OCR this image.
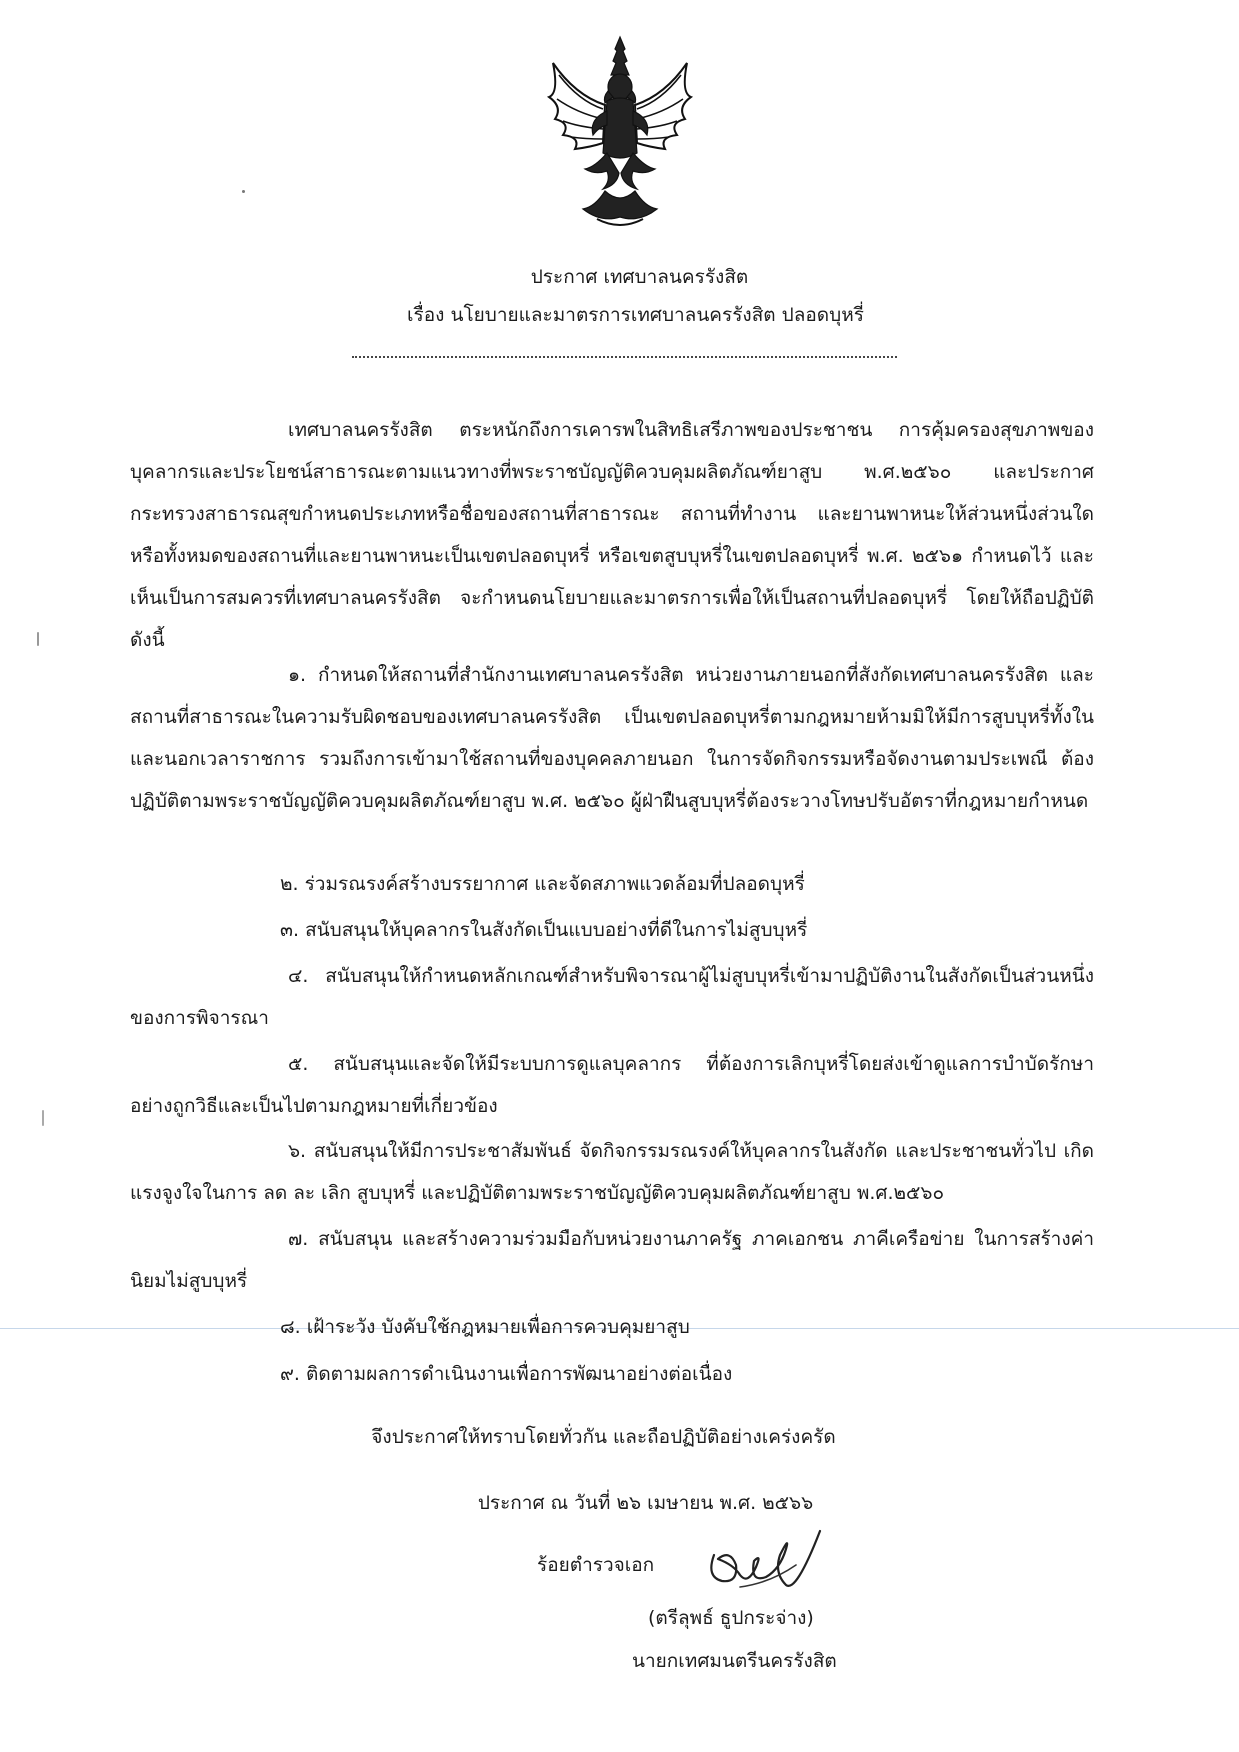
ประกาศ เทศบาลนครรังสิต
เรื่อง นโยบายและมาตรการเทศบาลนครรังสิต ปลอดบุหรี่

เทศบาลนครรังสิต ตระหนักถึงการเคารพในสิทธิเสรีภาพของประชาชน การคุ้มครองสุขภาพของบุคลากรและประโยชน์สาธารณะตามแนวทางที่พระราชบัญญัติควบคุมผลิตภัณฑ์ยาสูบ พ.ศ.๒๕๖๐ และประกาศกระทรวงสาธารณสุขกำหนดประเภทหรือชื่อของสถานที่สาธารณะ สถานที่ทำงาน และยานพาหนะให้ส่วนหนึ่งส่วนใด หรือทั้งหมดของสถานที่และยานพาหนะเป็นเขตปลอดบุหรี่ หรือเขตสูบบุหรี่ในเขตปลอดบุหรี่ พ.ศ. ๒๕๖๑ กำหนดไว้ และเห็นเป็นการสมควรที่เทศบาลนครรังสิต จะกำหนดนโยบายและมาตรการเพื่อให้เป็นสถานที่ปลอดบุหรี่ โดยให้ถือปฏิบัติ ดังนี้

๑. กำหนดให้สถานที่สำนักงานเทศบาลนครรังสิต หน่วยงานภายนอกที่สังกัดเทศบาลนครรังสิต และสถานที่สาธารณะในความรับผิดชอบของเทศบาลนครรังสิต เป็นเขตปลอดบุหรี่ตามกฎหมายห้ามมิให้มีการสูบบุหรี่ทั้งในและนอกเวลาราชการ รวมถึงการเข้ามาใช้สถานที่ของบุคคลภายนอก ในการจัดกิจกรรมหรือจัดงานตามประเพณี ต้องปฏิบัติตามพระราชบัญญัติควบคุมผลิตภัณฑ์ยาสูบ พ.ศ. ๒๕๖๐ ผู้ฝ่าฝืนสูบบุหรี่ต้องระวางโทษปรับอัตราที่กฎหมายกำหนด

๒. ร่วมรณรงค์สร้างบรรยากาศ และจัดสภาพแวดล้อมที่ปลอดบุหรี่

๓. สนับสนุนให้บุคลากรในสังกัดเป็นแบบอย่างที่ดีในการไม่สูบบุหรี่

๔. สนับสนุนให้กำหนดหลักเกณฑ์สำหรับพิจารณาผู้ไม่สูบบุหรี่เข้ามาปฏิบัติงานในสังกัดเป็นส่วนหนึ่งของการพิจารณา

๕. สนับสนุนและจัดให้มีระบบการดูแลบุคลากร ที่ต้องการเลิกบุหรี่โดยส่งเข้าดูแลการบำบัดรักษาอย่างถูกวิธีและเป็นไปตามกฎหมายที่เกี่ยวข้อง

๖. สนับสนุนให้มีการประชาสัมพันธ์ จัดกิจกรรมรณรงค์ให้บุคลากรในสังกัด และประชาชนทั่วไป เกิดแรงจูงใจในการ ลด ละ เลิก สูบบุหรี่ และปฏิบัติตามพระราชบัญญัติควบคุมผลิตภัณฑ์ยาสูบ พ.ศ.๒๕๖๐

๗. สนับสนุน และสร้างความร่วมมือกับหน่วยงานภาครัฐ ภาคเอกชน ภาคีเครือข่าย ในการสร้างค่านิยมไม่สูบบุหรี่

๘. เฝ้าระวัง บังคับใช้กฎหมายเพื่อการควบคุมยาสูบ

๙. ติดตามผลการดำเนินงานเพื่อการพัฒนาอย่างต่อเนื่อง

จึงประกาศให้ทราบโดยทั่วกัน และถือปฏิบัติอย่างเคร่งครัด
ประกาศ ณ วันที่ ๒๖ เมษายน พ.ศ. ๒๕๖๖
ร้อยตำรวจเอก
(ตรีลุพธ์ ธูปกระจ่าง)
นายกเทศมนตรีนครรังสิต
